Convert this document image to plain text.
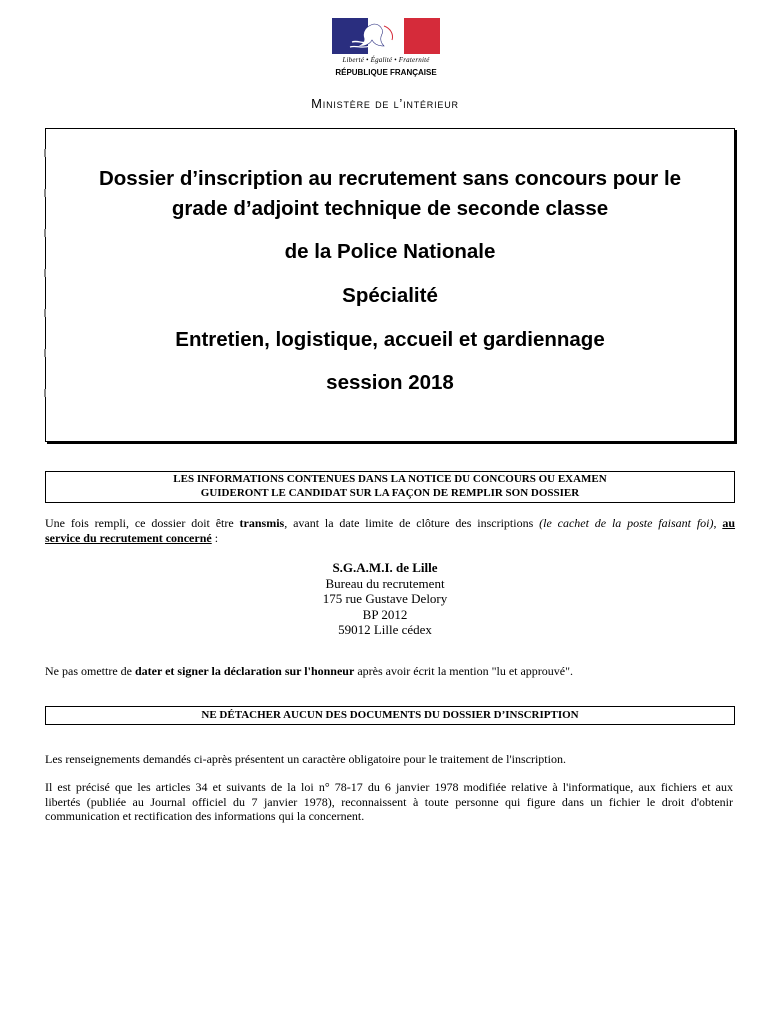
Liberté • Égalité • Fraternité
RÉPUBLIQUE FRANÇAISE
Ministère de l’intérieur
Dossier d’inscription au recrutement sans concours pour le
grade d’adjoint technique de seconde classe
de la Police Nationale
Spécialité
Entretien, logistique, accueil et gardiennage
session 2018
LES INFORMATIONS CONTENUES DANS LA NOTICE DU CONCOURS OU EXAMEN
GUIDERONT LE CANDIDAT SUR LA FAÇON DE REMPLIR SON DOSSIER
Une fois rempli, ce dossier doit être transmis, avant la date limite de clôture des inscriptions (le cachet de la poste faisant foi), au
service du recrutement concerné :
S.G.A.M.I. de Lille
Bureau du recrutement
175 rue Gustave Delory
BP 2012
59012 Lille cédex
Ne pas omettre de dater et signer la déclaration sur l'honneur après avoir écrit la mention "lu et approuvé".
NE DÉTACHER AUCUN DES DOCUMENTS DU DOSSIER D’INSCRIPTION
Les renseignements demandés ci-après présentent un caractère obligatoire pour le traitement de l'inscription.
Il est précisé que les articles 34 et suivants de la loi n° 78-17 du 6 janvier 1978 modifiée relative à l'informatique, aux fichiers et aux
libertés (publiée au Journal officiel du 7 janvier 1978), reconnaissent à toute personne qui figure dans un fichier le droit d'obtenir
communication et rectification des informations qui la concernent.
